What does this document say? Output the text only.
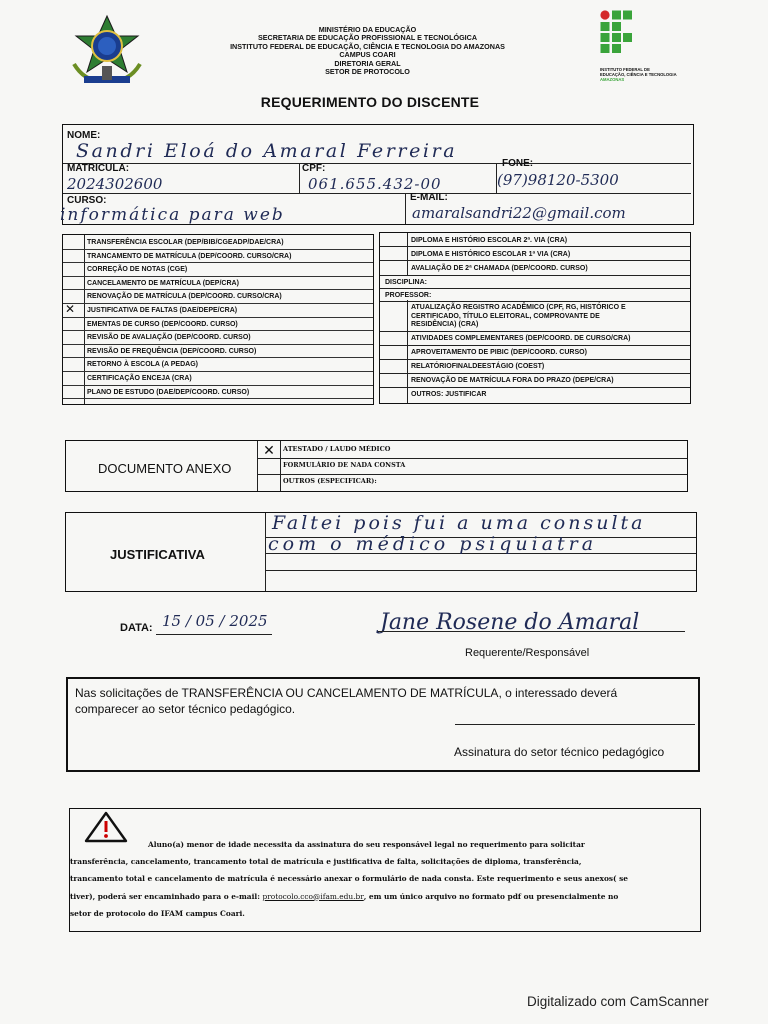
MINISTÉRIO DA EDUCAÇÃO
SECRETARIA DE EDUCAÇÃO PROFISSIONAL E TECNOLÓGICA
INSTITUTO FEDERAL DE EDUCAÇÃO, CIÊNCIA E TECNOLOGIA DO AMAZONAS
CAMPUS COARI
DIRETORIA GERAL
SETOR DE PROTOCOLO	INSTITUTO FEDERAL DE
EDUCAÇÃO, CIÊNCIA E TECNOLOGIA
AMAZONAS
REQUERIMENTO DO DISCENTE
NOME:
Sandri Eloá do Amaral Ferreira
MATRICULA:
2024302600
CPF:
061.655.432-00
FONE:
(97)98120-5300
CURSO:
informática para web
E-MAIL:
amaralsandri22@gmail.com
TRANSFERÊNCIA ESCOLAR (DEP/BIB/CGEADP/DAE/CRA)
TRANCAMENTO DE MATRÍCULA (DEP/COORD. CURSO/CRA)
CORREÇÃO DE NOTAS (CGE)
CANCELAMENTO DE MATRÍCULA (DEP/CRA)
RENOVAÇÃO DE MATRÍCULA (DEP/COORD. CURSO/CRA)
✕ JUSTIFICATIVA DE FALTAS (DAE/DEPE/CRA)
EMENTAS DE CURSO (DEP/COORD. CURSO)
REVISÃO DE AVALIAÇÃO (DEP/COORD. CURSO)
REVISÃO DE FREQUÊNCIA (DEP/COORD. CURSO)
RETORNO À ESCOLA (A PEDAG)
CERTIFICAÇÃO ENCEJA (CRA)
PLANO DE ESTUDO (DAE/DEP/COORD. CURSO)
DIPLOMA E HISTÓRIO ESCOLAR 2ª. VIA (CRA)
DIPLOMA E HISTÓRICO ESCOLAR 1ª VIA (CRA)
AVALIAÇÃO DE 2ª CHAMADA (DEP/COORD. CURSO)
DISCIPLINA:
PROFESSOR:
ATUALIZAÇÃO REGISTRO ACADÊMICO (CPF, RG, HISTÓRICO E
CERTIFICADO, TÍTULO ELEITORAL, COMPROVANTE DE
RESIDÊNCIA) (CRA)
ATIVIDADES COMPLEMENTARES (DEP/COORD. DE CURSO/CRA)
APROVEITAMENTO DE PIBIC (DEP/COORD. CURSO)
RELATÓRIOFINALDEESTÁGIO (COEST)
RENOVAÇÃO DE MATRÍCULA FORA DO PRAZO (DEPE/CRA)
OUTROS: JUSTIFICAR
DOCUMENTO ANEXO
✕	ATESTADO / LAUDO MÉDICO
FORMULÁRIO DE NADA CONSTA
OUTROS (ESPECIFICAR):
JUSTIFICATIVA
Faltei pois fui a uma consulta
com o médico psiquiatra
DATA: 15 / 05 / 2025	Jane Rosene do Amaral
Requerente/Responsável
Nas solicitações de TRANSFERÊNCIA OU CANCELAMENTO DE MATRÍCULA, o interessado deverá
comparecer ao setor técnico pedagógico.
Assinatura do setor técnico pedagógico
Aluno(a) menor de idade necessita da assinatura do seu responsável legal no requerimento para solicitar
transferência, cancelamento, trancamento total de matrícula e justificativa de falta, solicitações de diploma, transferência,
trancamento total e cancelamento de matrícula é necessário anexar o formulário de nada consta. Este requerimento e seus anexos( se
tiver), poderá ser encaminhado para o e-mail: protocolo.cco@ifam.edu.br, em um único arquivo no formato pdf ou presencialmente no
setor de protocolo do IFAM campus Coari.
Digitalizado com CamScanner
